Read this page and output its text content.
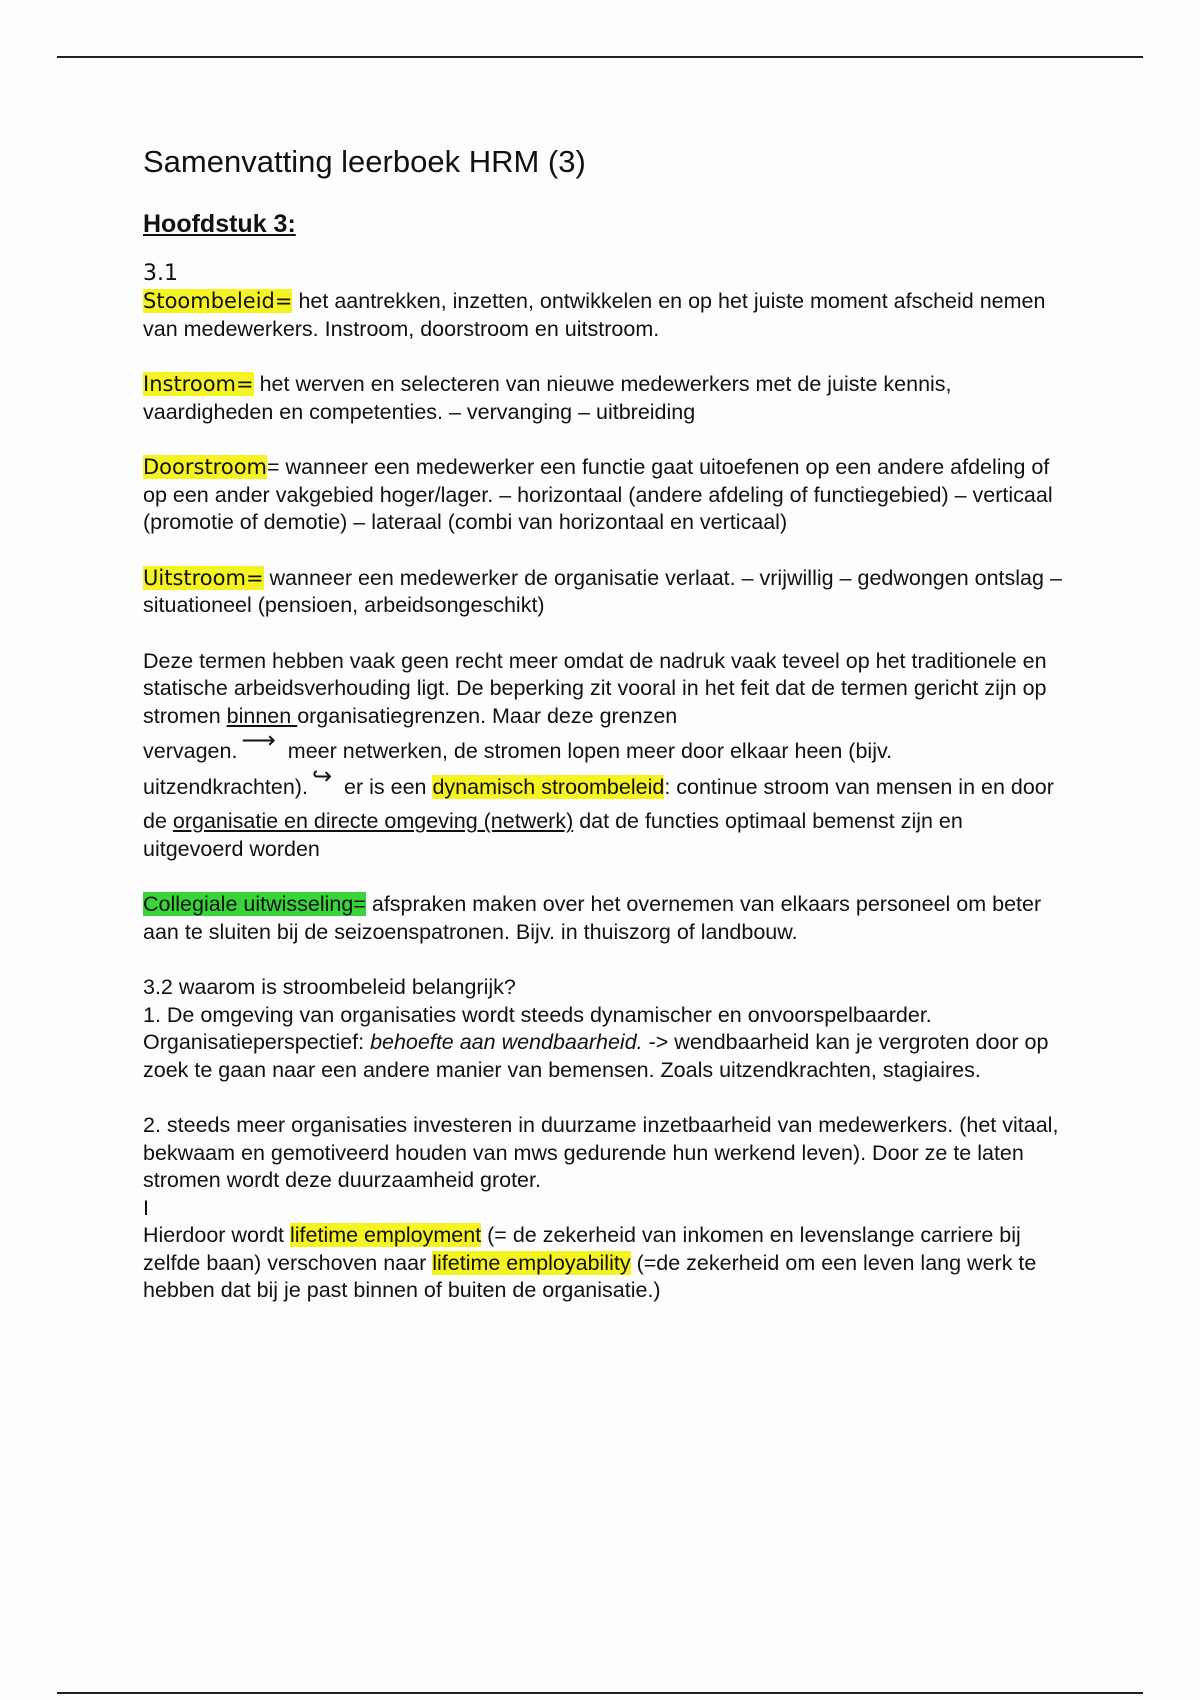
Samenvatting leerboek HRM (3)
Hoofdstuk 3:
3.1

Stoombeleid= het aantrekken, inzetten, ontwikkelen en op het juiste moment afscheid nemen van medewerkers. Instroom, doorstroom en uitstroom.

Instroom= het werven en selecteren van nieuwe medewerkers met de juiste kennis, vaardigheden en competenties. – vervanging – uitbreiding

Doorstroom= wanneer een medewerker een functie gaat uitoefenen op een andere afdeling of op een ander vakgebied hoger/lager. – horizontaal (andere afdeling of functiegebied) – verticaal (promotie of demotie) – lateraal (combi van horizontaal en verticaal)

Uitstroom= wanneer een medewerker de organisatie verlaat. – vrijwillig – gedwongen ontslag – situationeel (pensioen, arbeidsongeschikt)

Deze termen hebben vaak geen recht meer omdat de nadruk vaak teveel op het traditionele en statische arbeidsverhouding ligt. De beperking zit vooral in het feit dat de termen gericht zijn op stromen binnen organisatiegrenzen. Maar deze grenzen

vervagen. ⟶ meer netwerken, de stromen lopen meer door elkaar heen (bijv.

uitzendkrachten). ↪ er is een dynamisch stroombeleid: continue stroom van mensen in en door de organisatie en directe omgeving (netwerk) dat de functies optimaal bemenst zijn en uitgevoerd worden

Collegiale uitwisseling= afspraken maken over het overnemen van elkaars personeel om beter aan te sluiten bij de seizoenspatronen. Bijv. in thuiszorg of landbouw.

3.2 waarom is stroombeleid belangrijk?

1. De omgeving van organisaties wordt steeds dynamischer en onvoorspelbaarder. Organisatieperspectief: behoefte aan wendbaarheid. -> wendbaarheid kan je vergroten door op zoek te gaan naar een andere manier van bemensen. Zoals uitzendkrachten, stagiaires.

2. steeds meer organisaties investeren in duurzame inzetbaarheid van medewerkers. (het vitaal, bekwaam en gemotiveerd houden van mws gedurende hun werkend leven). Door ze te laten stromen wordt deze duurzaamheid groter.

I

Hierdoor wordt lifetime employment (= de zekerheid van inkomen en levenslange carriere bij zelfde baan) verschoven naar lifetime employability (=de zekerheid om een leven lang werk te hebben dat bij je past binnen of buiten de organisatie.)
